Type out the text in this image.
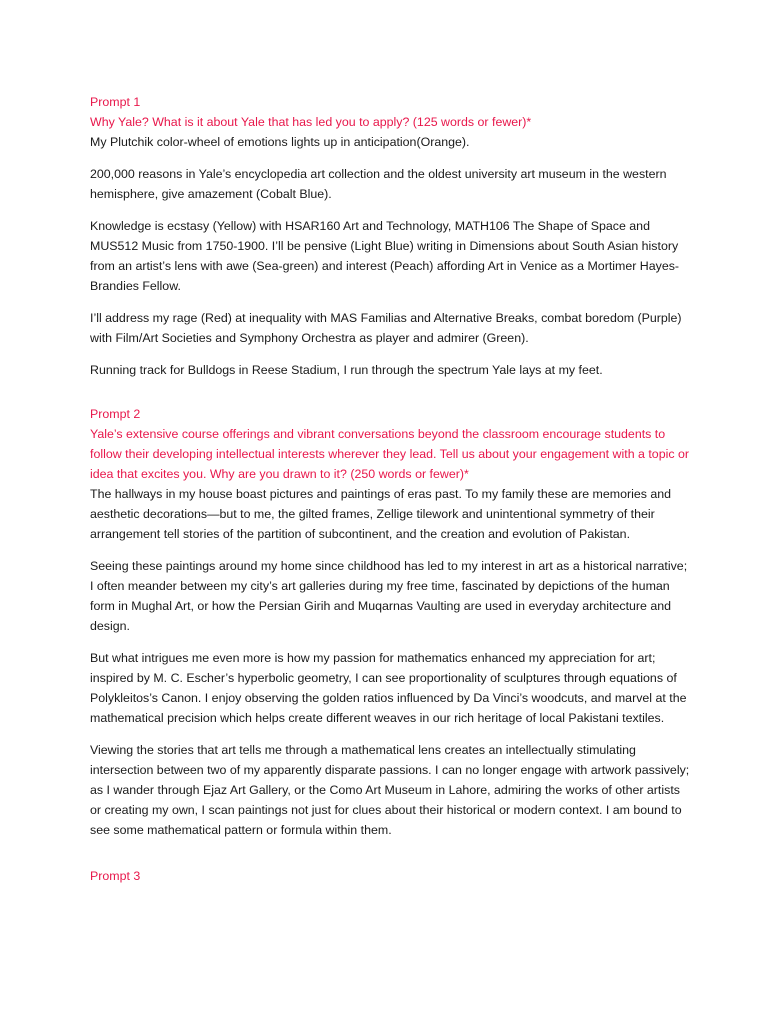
Prompt 1
Why Yale? What is it about Yale that has led you to apply? (125 words or fewer)*

My Plutchik color-wheel of emotions lights up in anticipation(Orange).

200,000 reasons in Yale’s encyclopedia art collection and the oldest university art museum in the western hemisphere, give amazement (Cobalt Blue).

Knowledge is ecstasy (Yellow) with HSAR160 Art and Technology, MATH106 The Shape of Space and MUS512 Music from 1750-1900. I’ll be pensive (Light Blue) writing in Dimensions about South Asian history from an artist’s lens with awe (Sea-green) and interest (Peach) affording Art in Venice as a Mortimer Hayes-Brandies Fellow.

I’ll address my rage (Red) at inequality with MAS Familias and Alternative Breaks, combat boredom (Purple) with Film/Art Societies and Symphony Orchestra as player and admirer (Green).

Running track for Bulldogs in Reese Stadium, I run through the spectrum Yale lays at my feet.

Prompt 2
Yale’s extensive course offerings and vibrant conversations beyond the classroom encourage students to follow their developing intellectual interests wherever they lead. Tell us about your engagement with a topic or idea that excites you. Why are you drawn to it? (250 words or fewer)*

The hallways in my house boast pictures and paintings of eras past. To my family these are memories and aesthetic decorations—but to me, the gilted frames, Zellige tilework and unintentional symmetry of their arrangement tell stories of the partition of subcontinent, and the creation and evolution of Pakistan.

Seeing these paintings around my home since childhood has led to my interest in art as a historical narrative; I often meander between my city’s art galleries during my free time, fascinated by depictions of the human form in Mughal Art, or how the Persian Girih and Muqarnas Vaulting are used in everyday architecture and design.

But what intrigues me even more is how my passion for mathematics enhanced my appreciation for art; inspired by M. C. Escher’s hyperbolic geometry, I can see proportionality of sculptures through equations of Polykleitos’s Canon. I enjoy observing the golden ratios influenced by Da Vinci’s woodcuts, and marvel at the mathematical precision which helps create different weaves in our rich heritage of local Pakistani textiles.

Viewing the stories that art tells me through a mathematical lens creates an intellectually stimulating intersection between two of my apparently disparate passions. I can no longer engage with artwork passively; as I wander through Ejaz Art Gallery, or the Como Art Museum in Lahore, admiring the works of other artists or creating my own, I scan paintings not just for clues about their historical or modern context. I am bound to see some mathematical pattern or formula within them.

Prompt 3
